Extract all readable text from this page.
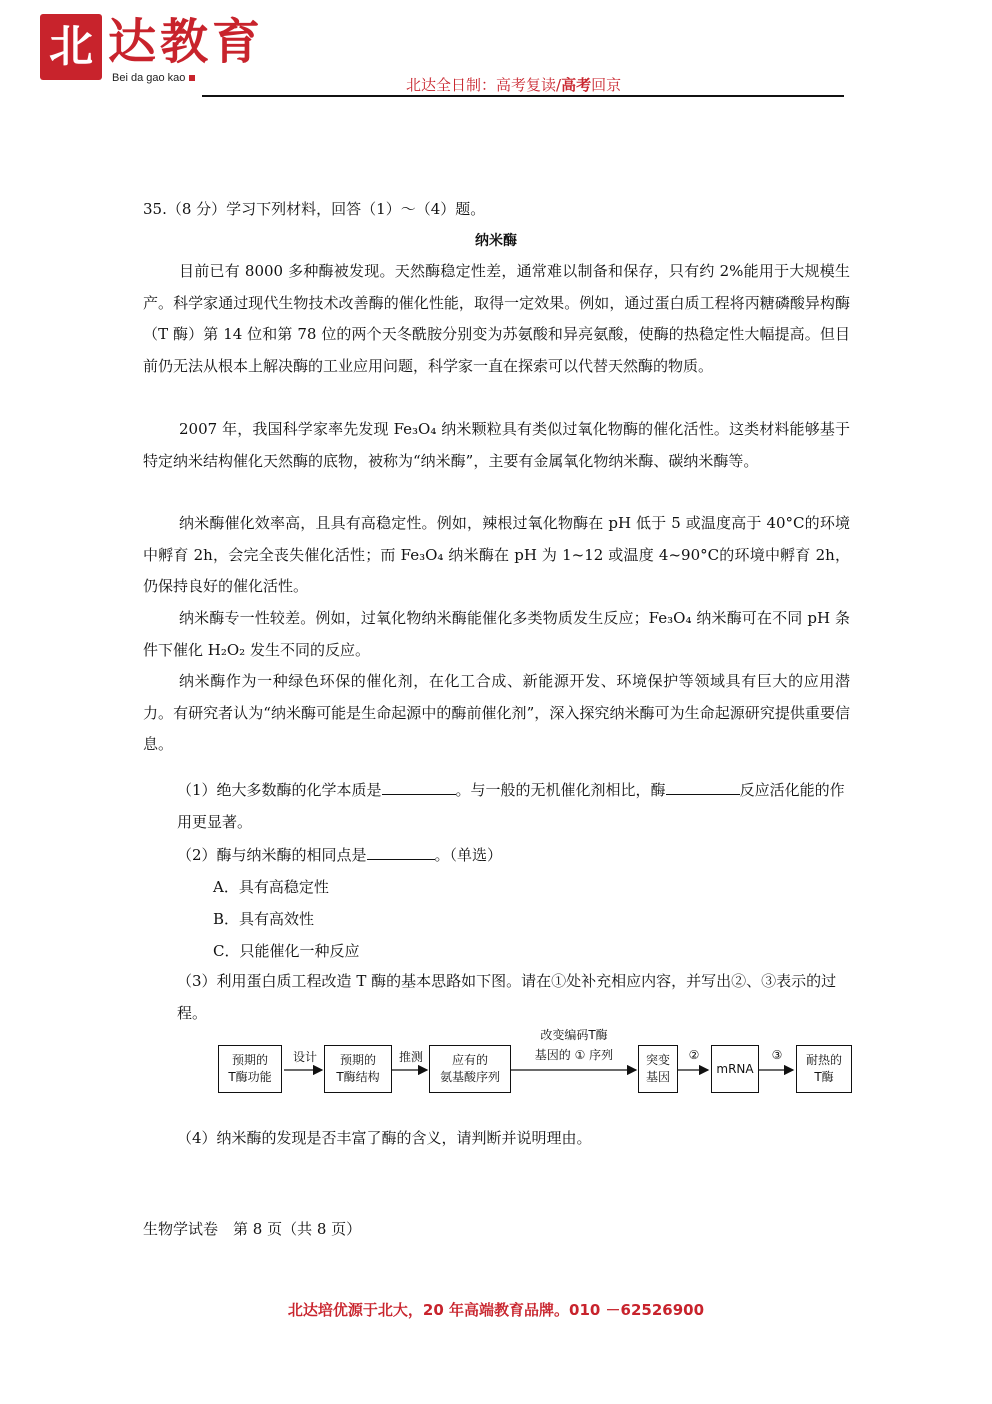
北 达教育
Bei da gao kao	北达全日制：高考复读/高考回京
35.（8 分）学习下列材料，回答（1）～（4）题。
纳米酶
目前已有 8000 多种酶被发现。天然酶稳定性差，通常难以制备和保存，只有约 2%能用于大规模生产。科学家通过现代生物技术改善酶的催化性能，取得一定效果。例如，通过蛋白质工程将丙糖磷酸异构酶（T 酶）第 14 位和第 78 位的两个天冬酰胺分别变为苏氨酸和异亮氨酸，使酶的热稳定性大幅提高。但目前仍无法从根本上解决酶的工业应用问题，科学家一直在探索可以代替天然酶的物质。
2007 年，我国科学家率先发现 Fe₃O₄ 纳米颗粒具有类似过氧化物酶的催化活性。这类材料能够基于特定纳米结构催化天然酶的底物，被称为“纳米酶”，主要有金属氧化物纳米酶、碳纳米酶等。
纳米酶催化效率高，且具有高稳定性。例如，辣根过氧化物酶在 pH 低于 5 或温度高于 40°C的环境中孵育 2h，会完全丧失催化活性；而 Fe₃O₄ 纳米酶在 pH 为 1~12 或温度 4~90°C的环境中孵育 2h，仍保持良好的催化活性。
纳米酶专一性较差。例如，过氧化物纳米酶能催化多类物质发生反应；Fe₃O₄ 纳米酶可在不同 pH 条件下催化 H₂O₂ 发生不同的反应。
纳米酶作为一种绿色环保的催化剂，在化工合成、新能源开发、环境保护等领域具有巨大的应用潜力。有研究者认为“纳米酶可能是生命起源中的酶前催化剂”，深入探究纳米酶可为生命起源研究提供重要信息。
（1）绝大多数酶的化学本质是	。与一般的无机催化剂相比，酶	反应活化能的作用更显著。
（2）酶与纳米酶的相同点是	。（单选）
A．具有高稳定性
B．具有高效性
C．只能催化一种反应
（3）利用蛋白质工程改造 T 酶的基本思路如下图。请在①处补充相应内容，并写出②、③表示的过程。
预期的
T酶功能
设计	预期的
T酶结构
推测	应有的
氨基酸序列
改变编码T酶
基因的 ① 序列	突变
基因
②
mRNA
③	耐热的
T酶
（4）纳米酶的发现是否丰富了酶的含义，请判断并说明理由。
生物学试卷　第 8 页（共 8 页）
北达培优源于北大，20 年高端教育品牌。010 －62526900
